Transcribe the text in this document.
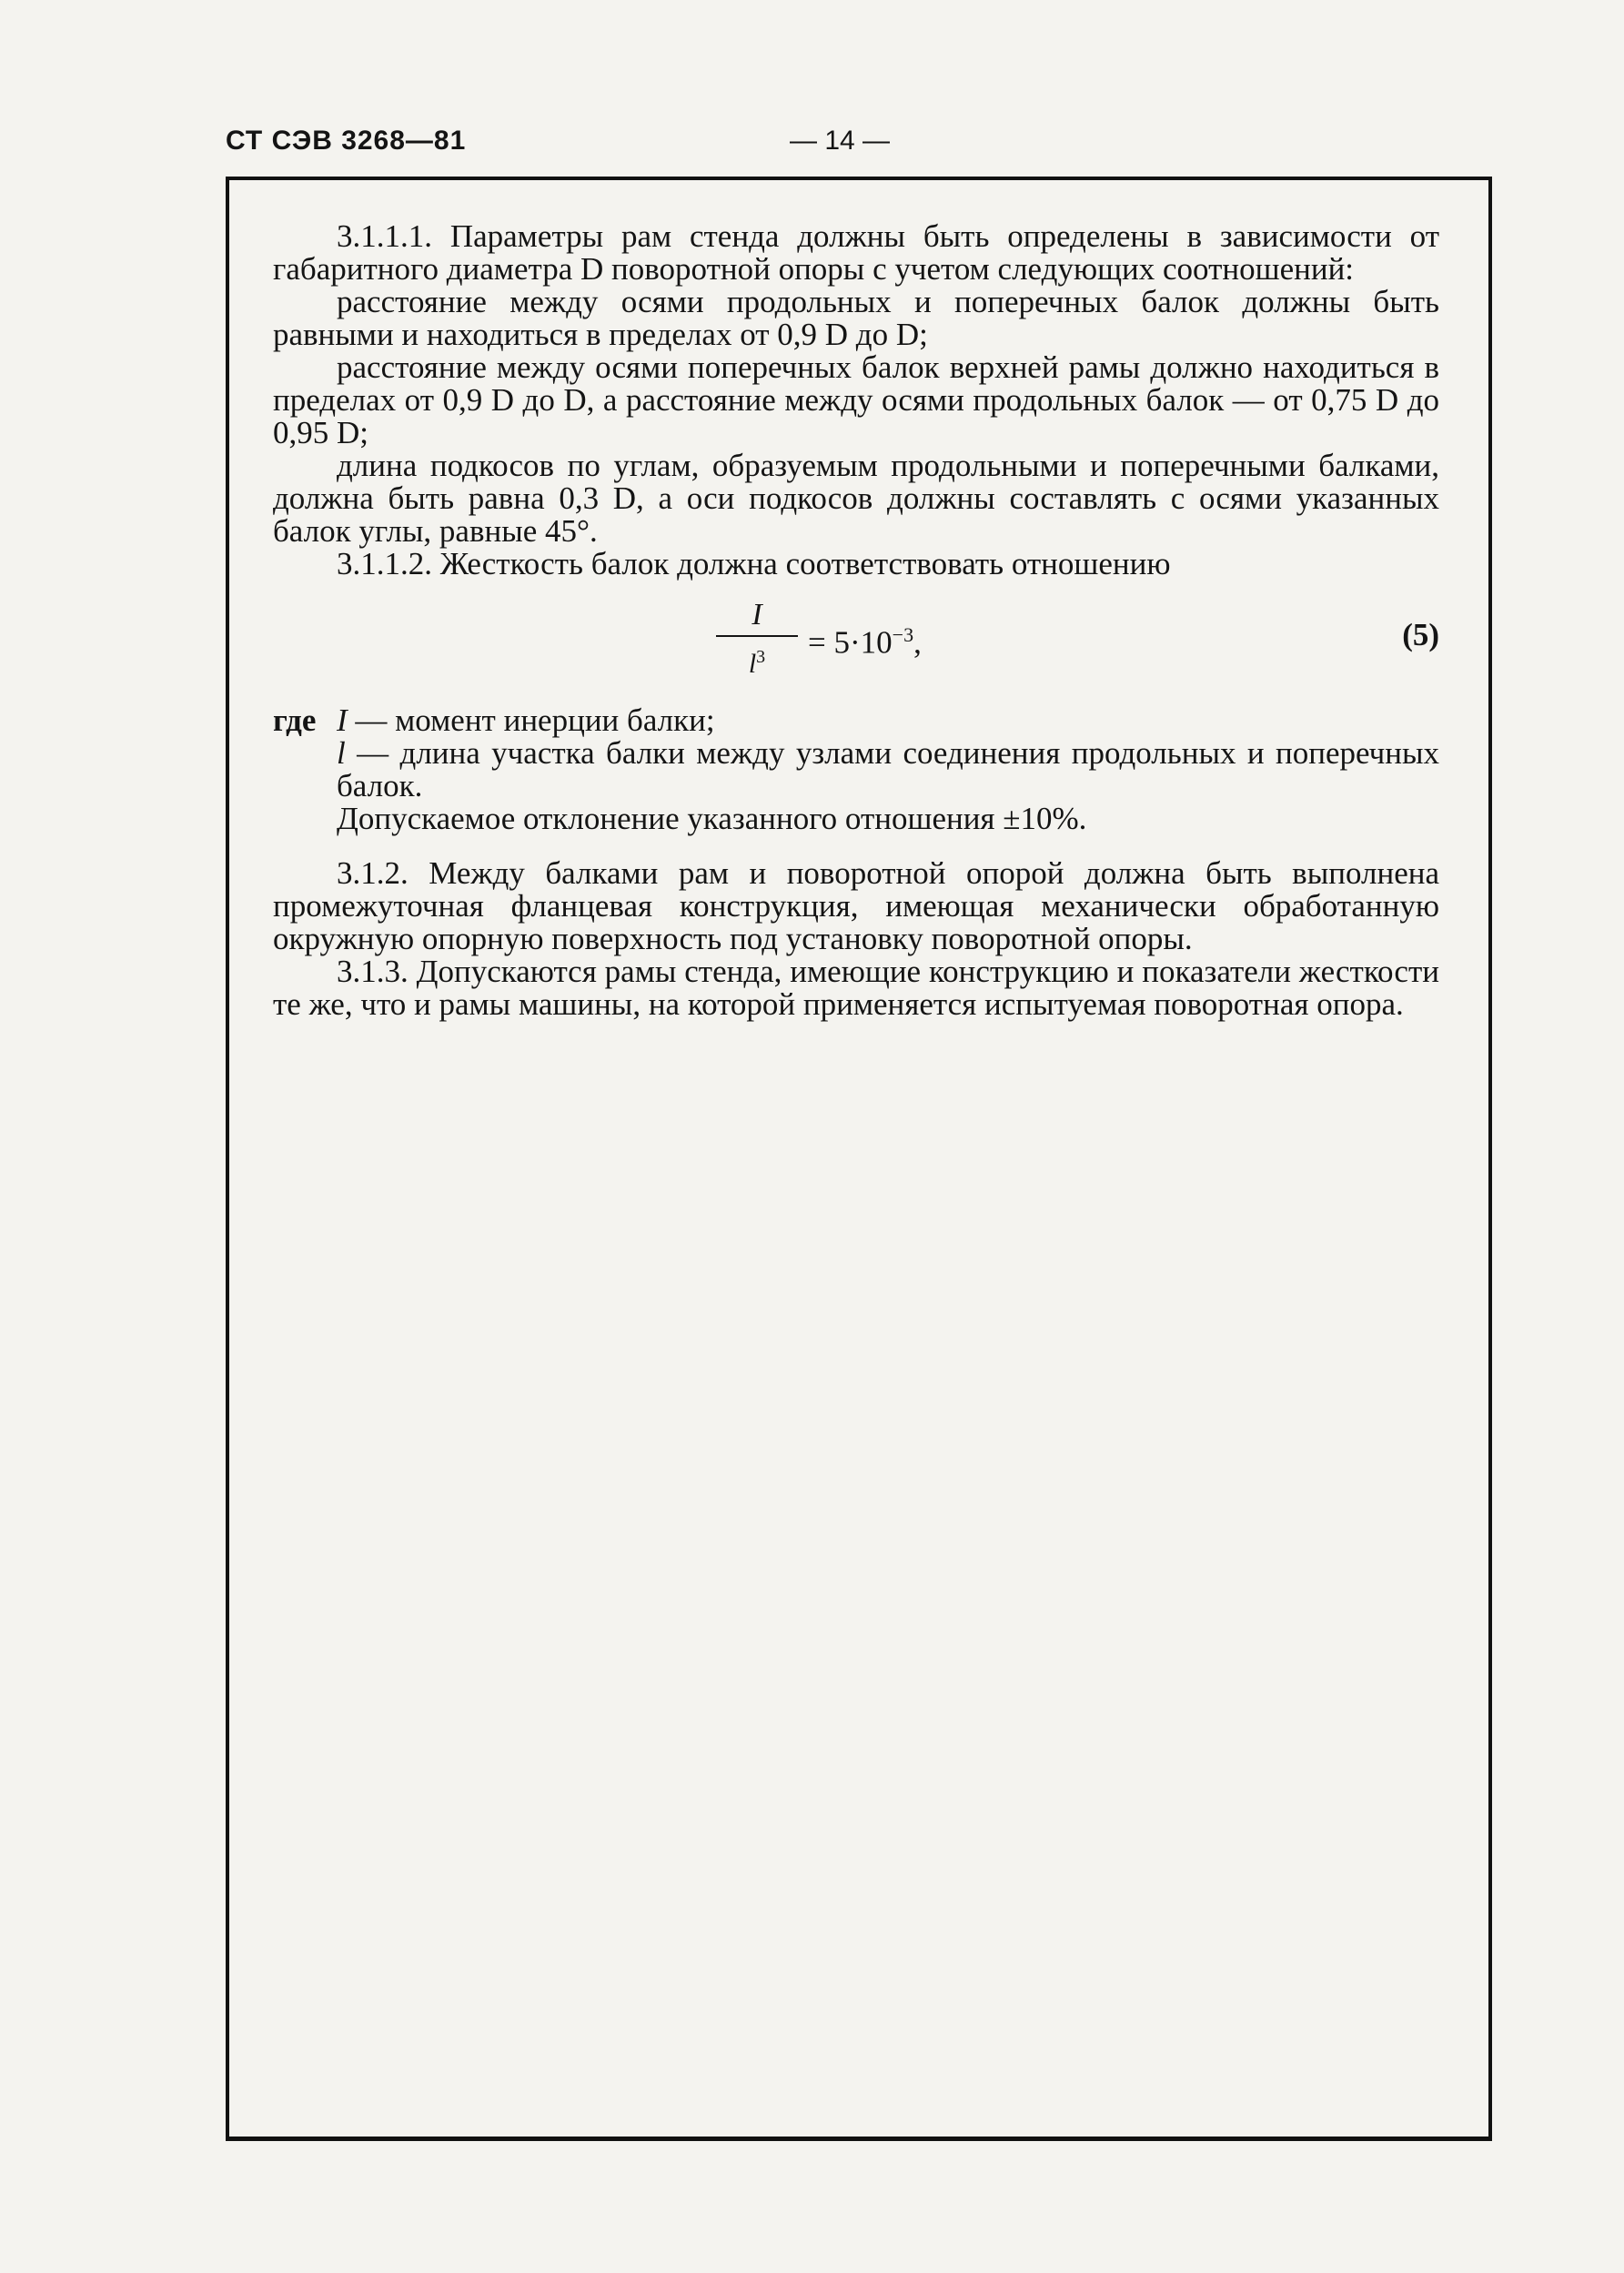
СТ СЭВ 3268—81	— 14 —

3.1.1.1. Параметры рам стенда должны быть определены в зависимости от габаритного диаметра D поворотной опоры с учетом следующих соотношений:

расстояние между осями продольных и поперечных балок должны быть равными и находиться в пределах от 0,9 D до D;

расстояние между осями поперечных балок верхней рамы должно находиться в пределах от 0,9 D до D, а расстояние между осями продольных балок — от 0,75 D до 0,95 D;

длина подкосов по углам, образуемым продольными и поперечными балками, должна быть равна 0,3 D, а оси подкосов должны составлять с осями указанных балок углы, равные 45°.

3.1.1.2. Жесткость балок должна соответствовать отношению

I
$l^3 = 5\cdot 10^{-3}$,	(5)
где I — момент инерции балки;
l — длина участка балки между узлами соединения продольных и поперечных балок.

Допускаемое отклонение указанного отношения ±10%.

3.1.2. Между балками рам и поворотной опорой должна быть выполнена промежуточная фланцевая конструкция, имеющая механически обработанную окружную опорную поверхность под установку поворотной опоры.

3.1.3. Допускаются рамы стенда, имеющие конструкцию и показатели жесткости те же, что и рамы машины, на которой применяется испытуемая поворотная опора.
